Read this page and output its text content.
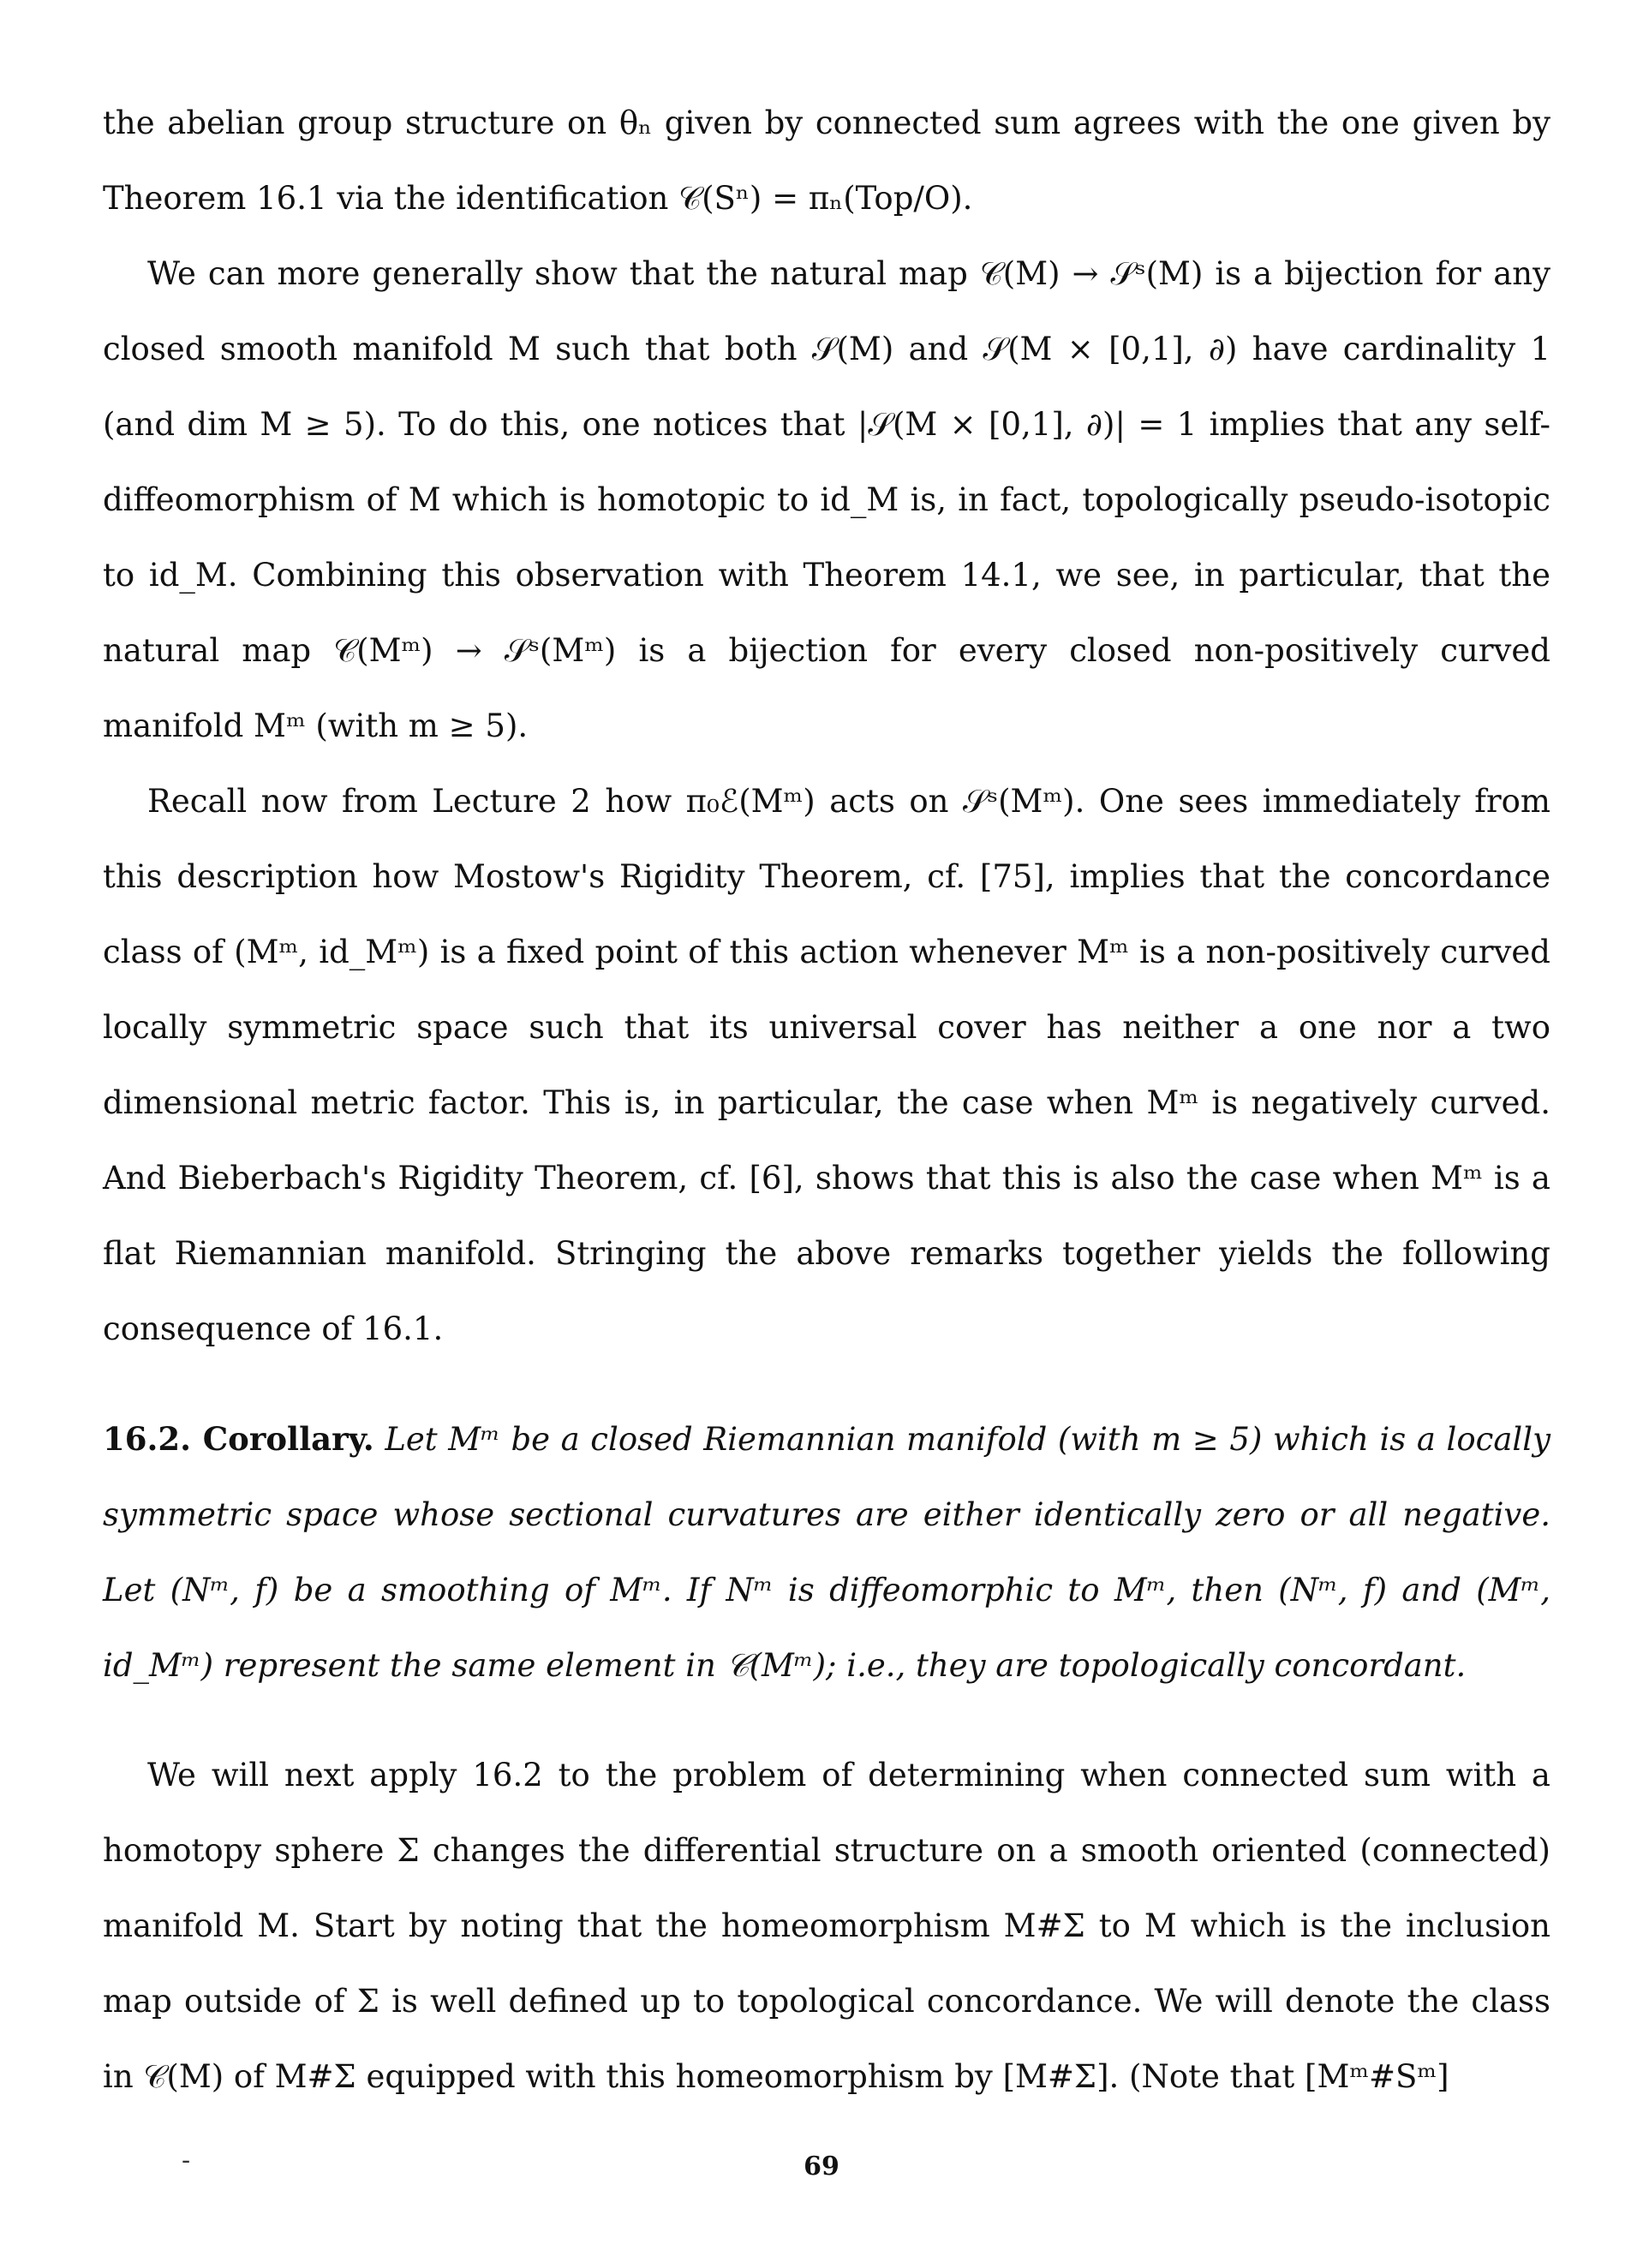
the abelian group structure on θₙ given by connected sum agrees with the one given by Theorem 16.1 via the identification 𝒞(Sⁿ) = πₙ(Top/O).

We can more generally show that the natural map 𝒞(M) → 𝒮ˢ(M) is a bijection for any closed smooth manifold M such that both 𝒮(M) and 𝒮(M × [0,1], ∂) have cardinality 1 (and dim M ≥ 5). To do this, one notices that |𝒮(M × [0,1], ∂)| = 1 implies that any self-diffeomorphism of M which is homotopic to id_M is, in fact, topologically pseudo-isotopic to id_M. Combining this observation with Theorem 14.1, we see, in particular, that the natural map 𝒞(Mᵐ) → 𝒮ˢ(Mᵐ) is a bijection for every closed non-positively curved manifold Mᵐ (with m ≥ 5).

Recall now from Lecture 2 how π₀ℰ(Mᵐ) acts on 𝒮ˢ(Mᵐ). One sees immediately from this description how Mostow's Rigidity Theorem, cf. [75], implies that the concordance class of (Mᵐ, id_Mᵐ) is a fixed point of this action whenever Mᵐ is a non-positively curved locally symmetric space such that its universal cover has neither a one nor a two dimensional metric factor. This is, in particular, the case when Mᵐ is negatively curved. And Bieberbach's Rigidity Theorem, cf. [6], shows that this is also the case when Mᵐ is a flat Riemannian manifold. Stringing the above remarks together yields the following consequence of 16.1.

16.2. Corollary. Let Mᵐ be a closed Riemannian manifold (with m ≥ 5) which is a locally symmetric space whose sectional curvatures are either identically zero or all negative. Let (Nᵐ, f) be a smoothing of Mᵐ. If Nᵐ is diffeomorphic to Mᵐ, then (Nᵐ, f) and (Mᵐ, id_Mᵐ) represent the same element in 𝒞(Mᵐ); i.e., they are topologically concordant.

We will next apply 16.2 to the problem of determining when connected sum with a homotopy sphere Σ changes the differential structure on a smooth oriented (connected) manifold M. Start by noting that the homeomorphism M#Σ to M which is the inclusion map outside of Σ is well defined up to topological concordance. We will denote the class in 𝒞(M) of M#Σ equipped with this homeomorphism by [M#Σ]. (Note that [Mᵐ#Sᵐ]

-	69
